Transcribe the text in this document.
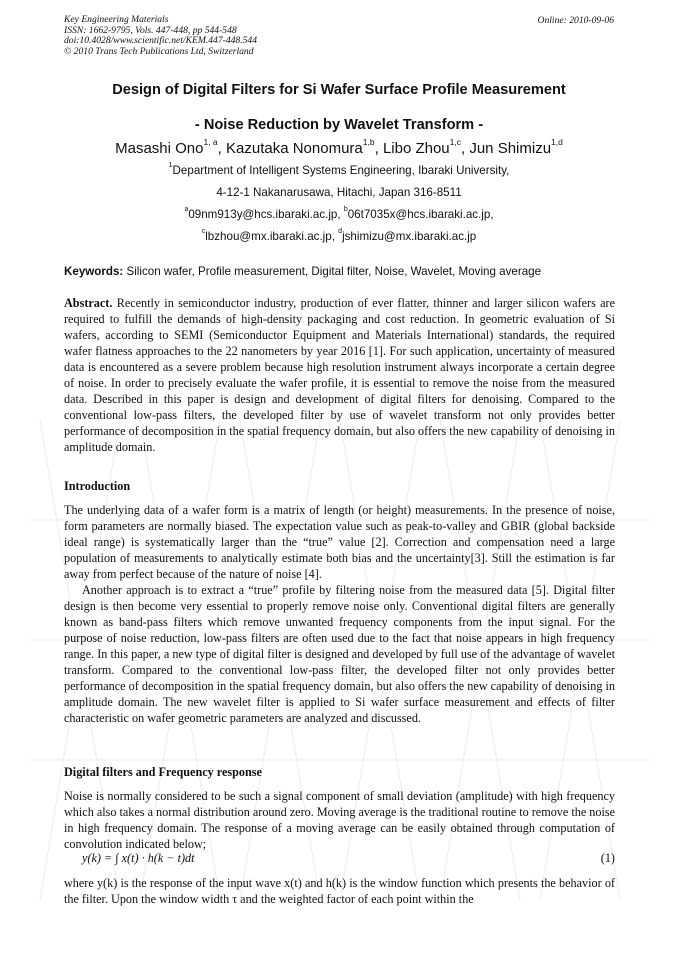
Key Engineering Materials
ISSN: 1662-9795, Vols. 447-448, pp 544-548
doi:10.4028/www.scientific.net/KEM.447-448.544
© 2010 Trans Tech Publications Ltd, Switzerland
Online: 2010-09-06
Design of Digital Filters for Si Wafer Surface Profile Measurement
- Noise Reduction by Wavelet Transform -
Masashi Ono$^{1, a}$, Kazutaka Nonomura$^{1,b}$, Libo Zhou$^{1,c}$, Jun Shimizu$^{1,d}$
$^1$Department of Intelligent Systems Engineering, Ibaraki University,
4-12-1 Nakanarusawa, Hitachi, Japan 316-8511
$^a$09nm913y@hcs.ibaraki.ac.jp, $^b$06t7035x@hcs.ibaraki.ac.jp,
$^c$lbzhou@mx.ibaraki.ac.jp, $^d$jshimizu@mx.ibaraki.ac.jp
Keywords: Silicon wafer, Profile measurement, Digital filter, Noise, Wavelet, Moving average
Abstract. Recently in semiconductor industry, production of ever flatter, thinner and larger silicon wafers are required to fulfill the demands of high-density packaging and cost reduction. In geometric evaluation of Si wafers, according to SEMI (Semiconductor Equipment and Materials International) standards, the required wafer flatness approaches to the 22 nanometers by year 2016 [1]. For such application, uncertainty of measured data is encountered as a severe problem because high resolution instrument always incorporate a certain degree of noise. In order to precisely evaluate the wafer profile, it is essential to remove the noise from the measured data. Described in this paper is design and development of digital filters for denoising. Compared to the conventional low-pass filters, the developed filter by use of wavelet transform not only provides better performance of decomposition in the spatial frequency domain, but also offers the new capability of denoising in amplitude domain.
Introduction
The underlying data of a wafer form is a matrix of length (or height) measurements. In the presence of noise, form parameters are normally biased. The expectation value such as peak-to-valley and GBIR (global backside ideal range) is systematically larger than the “true” value [2]. Correction and compensation need a large population of measurements to analytically estimate both bias and the uncertainty[3]. Still the estimation is far away from perfect because of the nature of noise [4].
Another approach is to extract a “true” profile by filtering noise from the measured data [5]. Digital filter design is then become very essential to properly remove noise only. Conventional digital filters are generally known as band-pass filters which remove unwanted frequency components from the input signal. For the purpose of noise reduction, low-pass filters are often used due to the fact that noise appears in high frequency range. In this paper, a new type of digital filter is designed and developed by full use of the advantage of wavelet transform. Compared to the conventional low-pass filter, the developed filter not only provides better performance of decomposition in the spatial frequency domain, but also offers the new capability of denoising in amplitude domain. The new wavelet filter is applied to Si wafer surface measurement and effects of filter characteristic on wafer geometric parameters are analyzed and discussed.
Digital filters and Frequency response
Noise is normally considered to be such a signal component of small deviation (amplitude) with high frequency which also takes a normal distribution around zero. Moving average is the traditional routine to remove the noise in high frequency domain. The response of a moving average can be easily obtained through computation of convolution indicated below;
y(k) = ∫ x(t) · h(k − t)dt	(1)
where y(k) is the response of the input wave x(t) and h(k) is the window function which presents the behavior of the filter. Upon the window width τ and the weighted factor of each point within the
